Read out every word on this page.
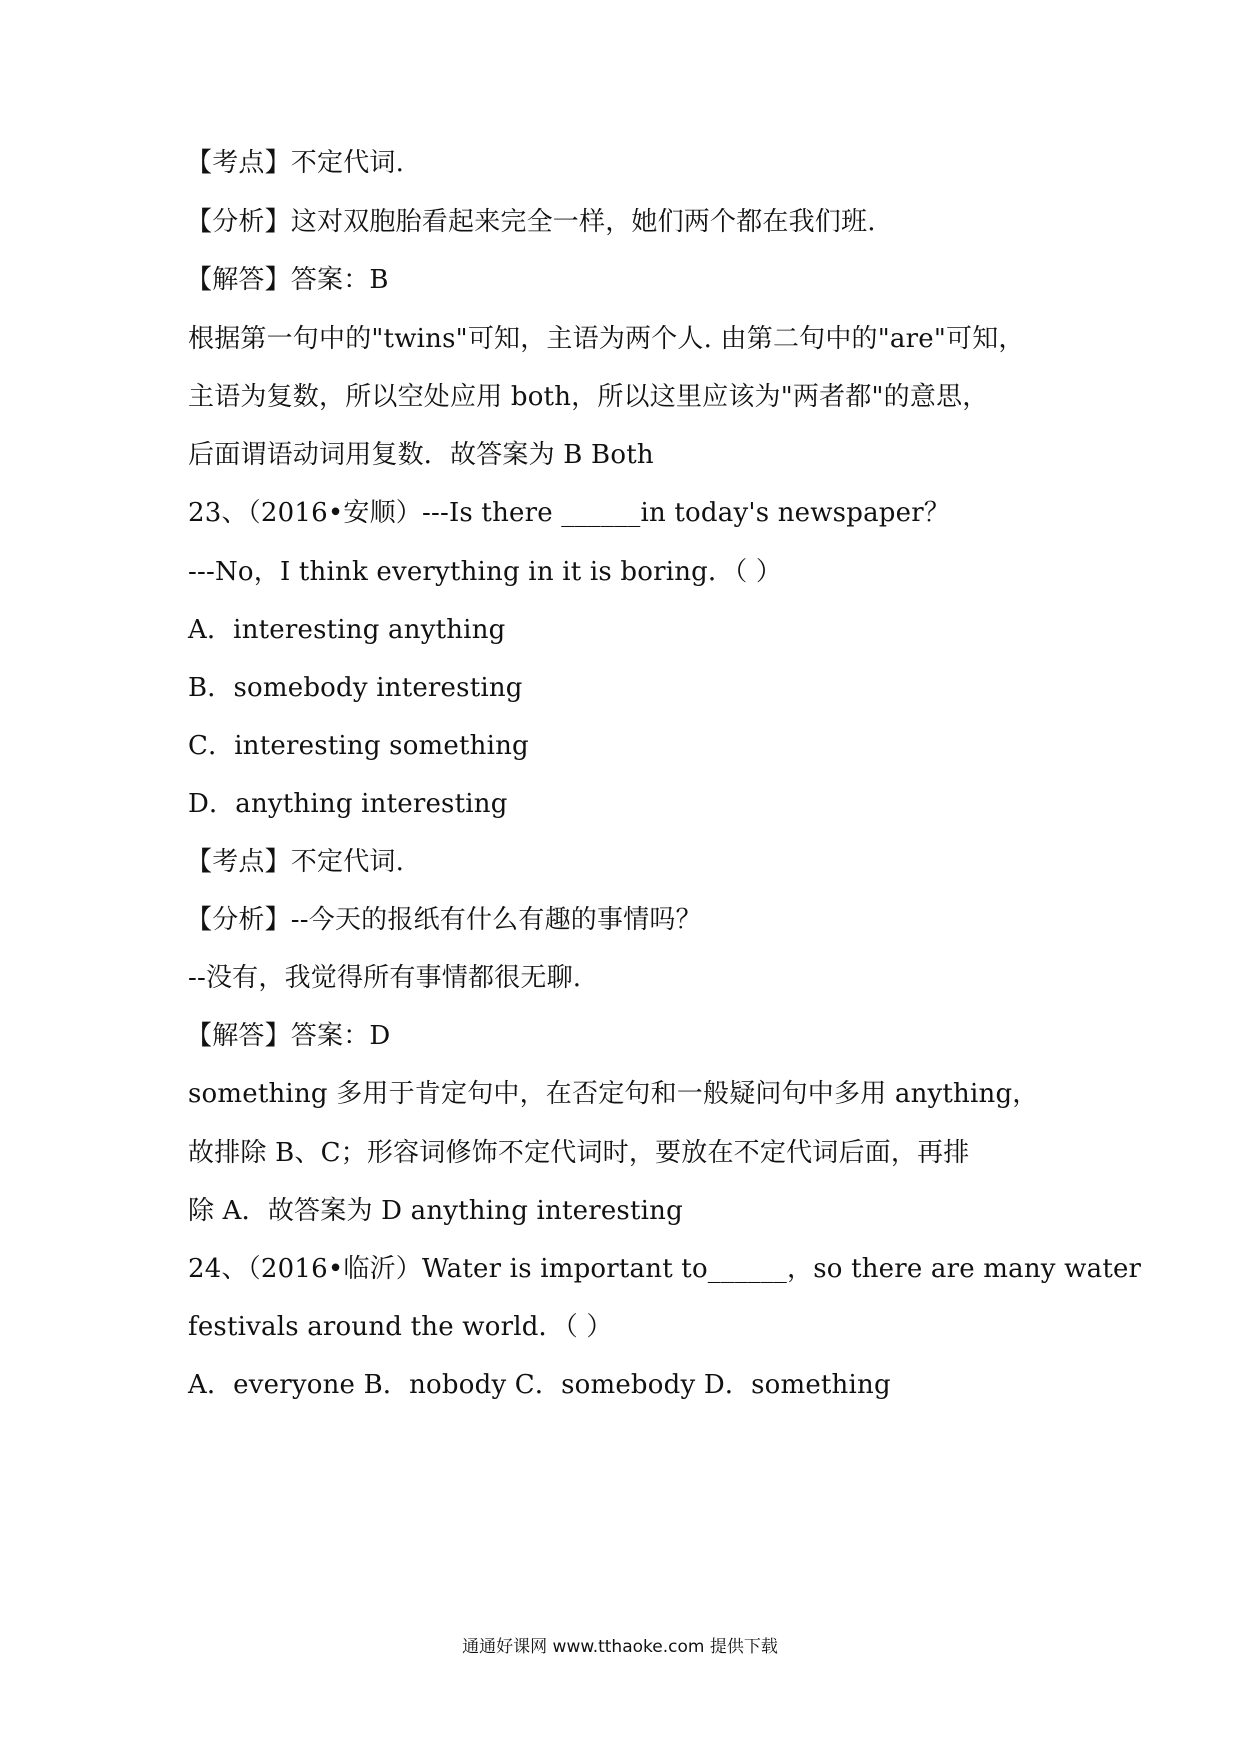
【考点】不定代词.
【分析】这对双胞胎看起来完全一样，她们两个都在我们班.
【解答】答案：B
根据第一句中的"twins"可知，主语为两个人. 由第二句中的"are"可知，
主语为复数，所以空处应用 both，所以这里应该为"两者都"的意思，
后面谓语动词用复数．故答案为 B Both
23、（2016•安顺）---Is there ______in today's newspaper？
---No，I think everything in it is boring．（ ）
A．interesting anything
B．somebody interesting
C．interesting something
D．anything interesting
【考点】不定代词.
【分析】--今天的报纸有什么有趣的事情吗？
--没有，我觉得所有事情都很无聊.
【解答】答案：D
something 多用于肯定句中，在否定句和一般疑问句中多用 anything，
故排除 B、C；形容词修饰不定代词时，要放在不定代词后面，再排
除 A．故答案为 D anything interesting
24、（2016•临沂）Water is important to______，so there are many water
festivals around the world．（ ）
A．everyone B．nobody C．somebody D．something
通通好课网 www.tthaoke.com 提供下载
